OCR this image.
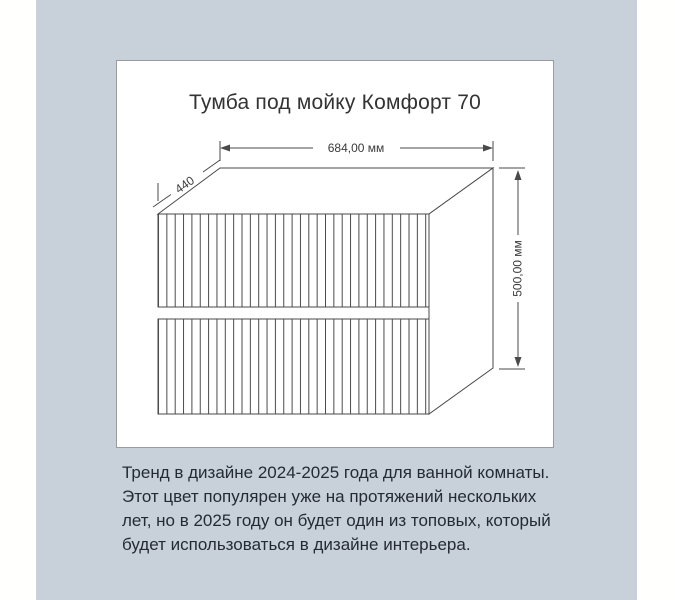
Тумба под мойку Комфорт 70
684,00 мм
440
500,00 мм
Тренд в дизайне 2024-2025 года для ванной комнаты.
Этот цвет популярен уже на протяжений нескольких
лет, но в 2025 году он будет один из топовых, который
будет использоваться в дизайне интерьера.
